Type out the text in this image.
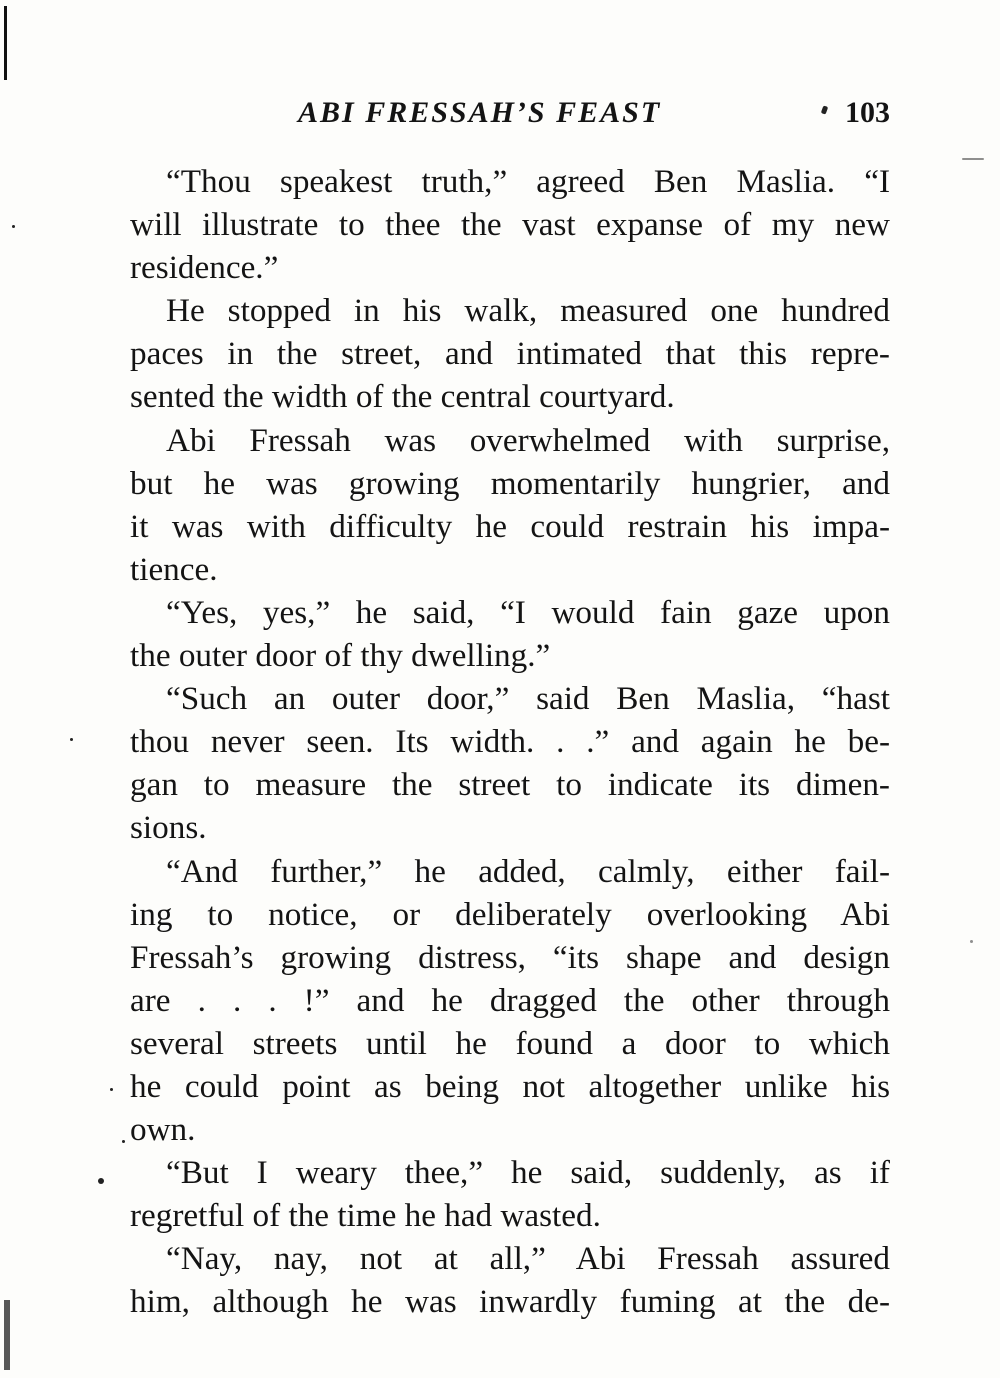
ABI FRESSAH’S FEAST	103

“Thou speakest truth,” agreed Ben Maslia. “I
will illustrate to thee the vast expanse of my new
residence.”

He stopped in his walk, measured one hundred
paces in the street, and intimated that this repre-
sented the width of the central courtyard.

Abi Fressah was overwhelmed with surprise,
but he was growing momentarily hungrier, and
it was with difficulty he could restrain his impa-
tience.

“Yes, yes,” he said, “I would fain gaze upon
the outer door of thy dwelling.”

“Such an outer door,” said Ben Maslia, “hast
thou never seen. Its width. . .” and again he be-
gan to measure the street to indicate its dimen-
sions.

“And further,” he added, calmly, either fail-
ing to notice, or deliberately overlooking Abi
Fressah’s growing distress, “its shape and design
are . . . !” and he dragged the other through
several streets until he found a door to which
he could point as being not altogether unlike his
own.

“But I weary thee,” he said, suddenly, as if
regretful of the time he had wasted.

“Nay, nay, not at all,” Abi Fressah assured
him, although he was inwardly fuming at the de-
